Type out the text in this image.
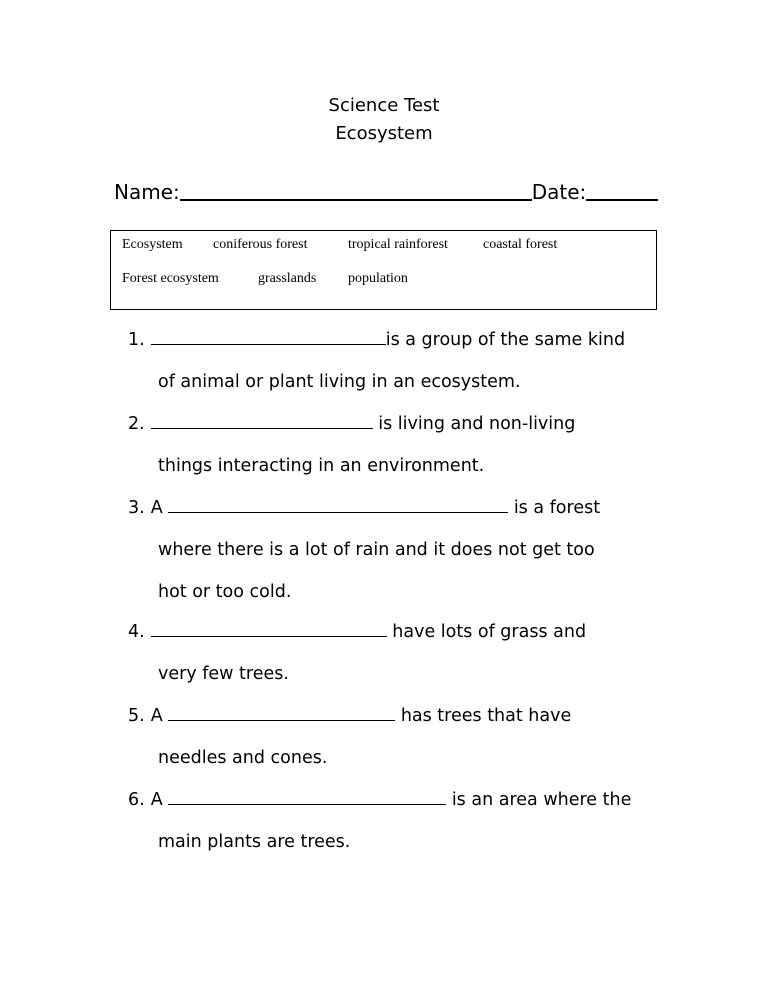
Science Test
Ecosystem
Name:	Date:
Ecosystem coniferous forest	tropical rainforest	coastal forest
Forest ecosystem	grasslands population
1.	is a group of the same kind
of animal or plant living in an ecosystem.
2.	is living and non-living
things interacting in an environment.
3. A	is a forest
where there is a lot of rain and it does not get too
hot or too cold.
4.	have lots of grass and
very few trees.
5. A	has trees that have
needles and cones.
6. A	is an area where the
main plants are trees.
